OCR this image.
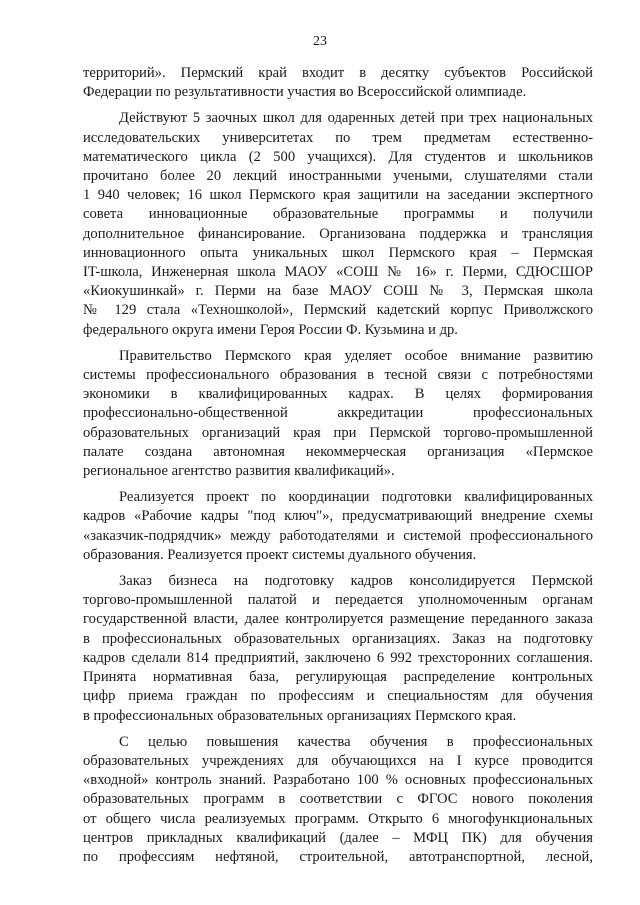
23

территорий». Пермский край входит в десятку субъектов Российской

Федерации по результативности участия во Всероссийской олимпиаде.

Действуют 5 заочных школ для одаренных детей при трех национальных

исследовательских университетах по трем предметам естественно-

математического цикла (2 500 учащихся). Для студентов и школьников

прочитано более 20 лекций иностранными учеными, слушателями стали

1 940 человек; 16 школ Пермского края защитили на заседании экспертного

совета инновационные образовательные программы и получили

дополнительное финансирование. Организована поддержка и трансляция

инновационного опыта уникальных школ Пермского края – Пермская

IT-школа, Инженерная школа МАОУ «СОШ № 16» г. Перми, СДЮСШОР

«Киокушинкай» г. Перми на базе МАОУ СОШ № 3, Пермская школа

№ 129 стала «Техношколой», Пермский кадетский корпус Приволжского

федерального округа имени Героя России Ф. Кузьмина и др.

Правительство Пермского края уделяет особое внимание развитию

системы профессионального образования в тесной связи с потребностями

экономики в квалифицированных кадрах. В целях формирования

профессионально-общественной аккредитации профессиональных

образовательных организаций края при Пермской торгово-промышленной

палате создана автономная некоммерческая организация «Пермское

региональное агентство развития квалификаций».

Реализуется проект по координации подготовки квалифицированных

кадров «Рабочие кадры "под ключ"», предусматривающий внедрение схемы

«заказчик-подрядчик» между работодателями и системой профессионального

образования. Реализуется проект системы дуального обучения.

Заказ бизнеса на подготовку кадров консолидируется Пермской

торгово-промышленной палатой и передается уполномоченным органам

государственной власти, далее контролируется размещение переданного заказа

в профессиональных образовательных организациях. Заказ на подготовку

кадров сделали 814 предприятий, заключено 6 992 трехсторонних соглашения.

Принята нормативная база, регулирующая распределение контрольных

цифр приема граждан по профессиям и специальностям для обучения

в профессиональных образовательных организациях Пермского края.

С целью повышения качества обучения в профессиональных

образовательных учреждениях для обучающихся на I курсе проводится

«входной» контроль знаний. Разработано 100 % основных профессиональных

образовательных программ в соответствии с ФГОС нового поколения

от общего числа реализуемых программ. Открыто 6 многофункциональных

центров прикладных квалификаций (далее – МФЦ ПК) для обучения

по профессиям нефтяной, строительной, автотранспортной, лесной,
